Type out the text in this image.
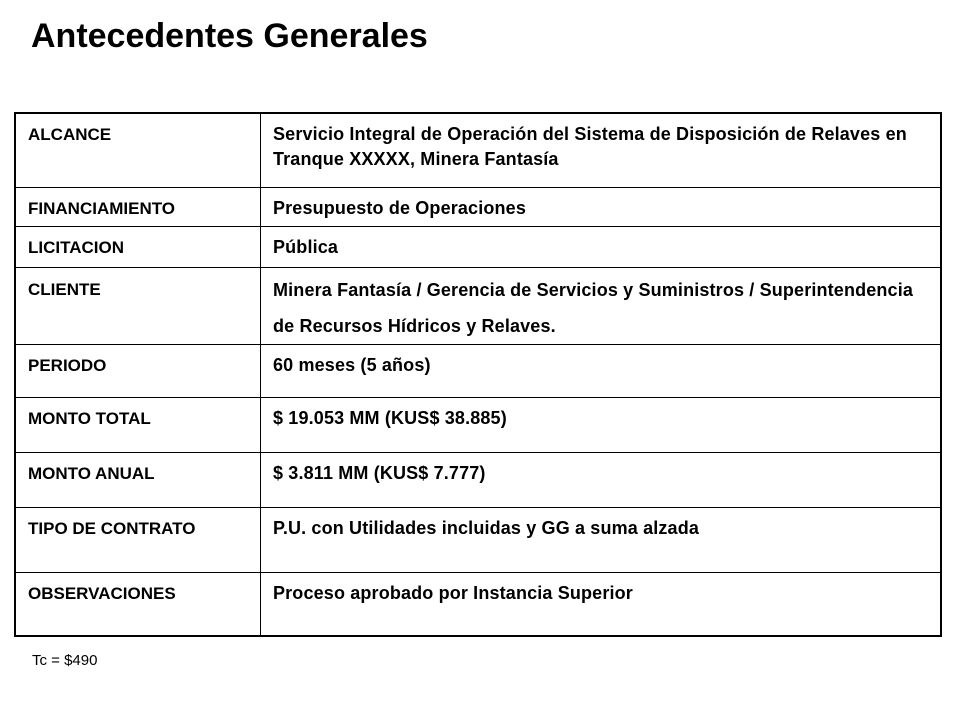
Antecedentes Generales
ALCANCE	Servicio Integral de Operación del Sistema de Disposición de Relaves en Tranque XXXXX, Minera Fantasía
FINANCIAMIENTO	Presupuesto de Operaciones
LICITACION	Pública
CLIENTE	Minera Fantasía / Gerencia de Servicios y Suministros / Superintendencia de Recursos Hídricos y Relaves.
PERIODO	60 meses (5 años)
MONTO TOTAL	$ 19.053 MM (KUS$ 38.885)
MONTO ANUAL	$ 3.811 MM (KUS$ 7.777)
TIPO DE CONTRATO	P.U. con Utilidades incluidas y GG a suma alzada
OBSERVACIONES	Proceso aprobado por Instancia Superior
Tc = $490
